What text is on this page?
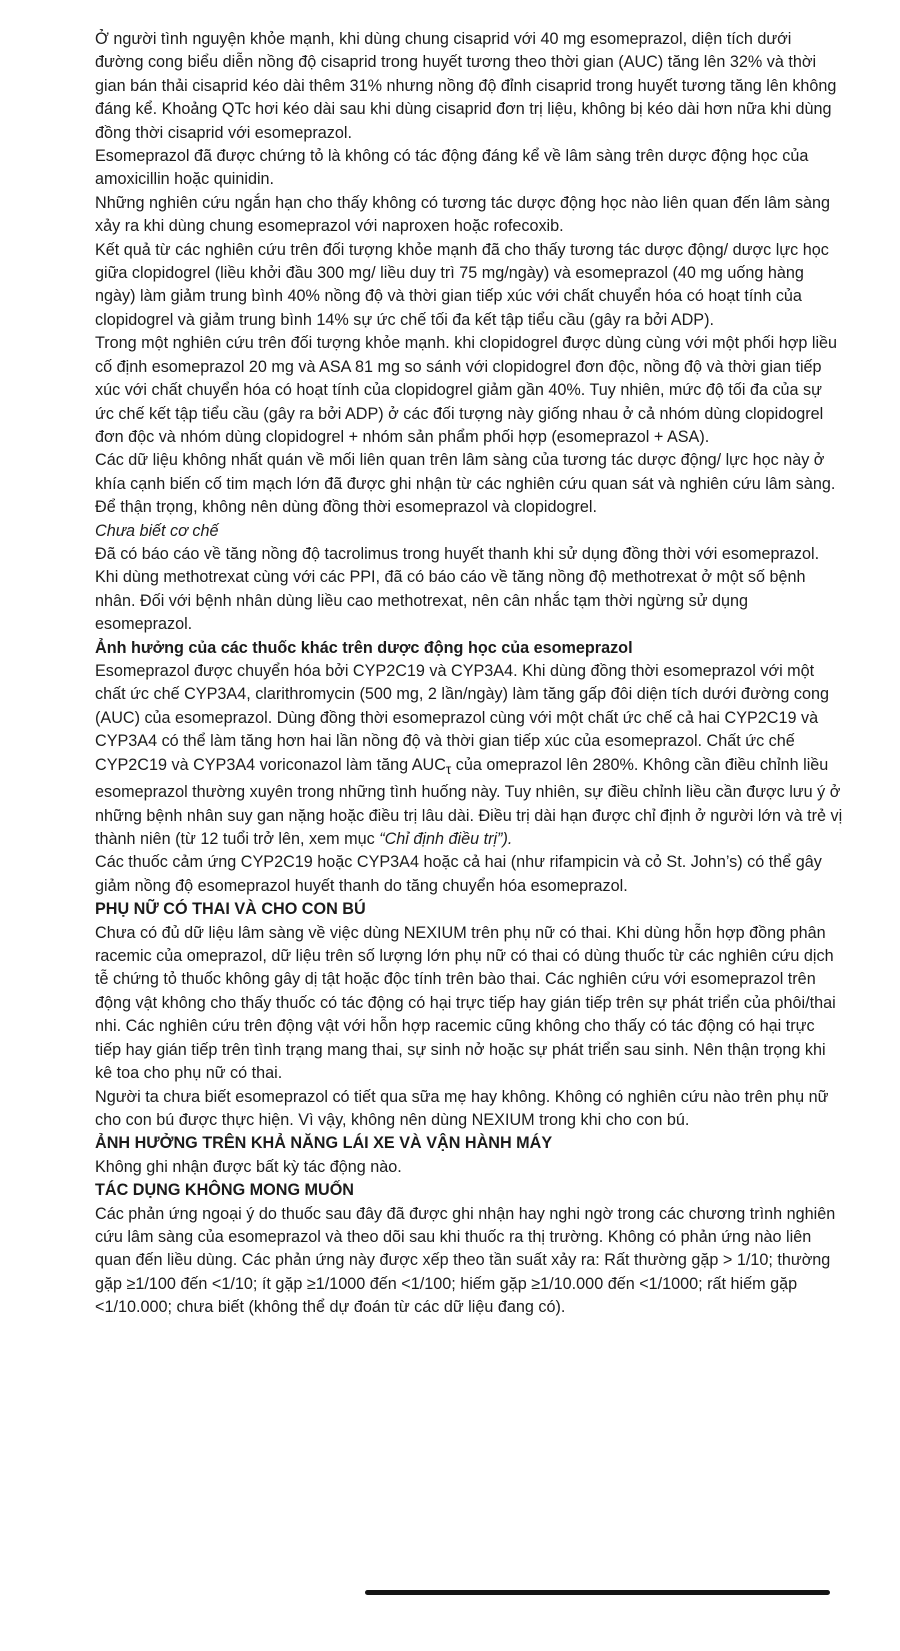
Ở người tình nguyện khỏe mạnh, khi dùng chung cisaprid với 40 mg esomeprazol, diện tích dưới đường cong biểu diễn nồng độ cisaprid trong huyết tương theo thời gian (AUC) tăng lên 32% và thời gian bán thải cisaprid kéo dài thêm 31% nhưng nồng độ đỉnh cisaprid trong huyết tương tăng lên không đáng kể. Khoảng QTc hơi kéo dài sau khi dùng cisaprid đơn trị liệu, không bị kéo dài hơn nữa khi dùng đồng thời cisaprid với esomeprazol.

Esomeprazol đã được chứng tỏ là không có tác động đáng kể về lâm sàng trên dược động học của amoxicillin hoặc quinidin.

Những nghiên cứu ngắn hạn cho thấy không có tương tác dược động học nào liên quan đến lâm sàng xảy ra khi dùng chung esomeprazol với naproxen hoặc rofecoxib.

Kết quả từ các nghiên cứu trên đối tượng khỏe mạnh đã cho thấy tương tác dược động/ dược lực học giữa clopidogrel (liều khởi đầu 300 mg/ liều duy trì 75 mg/ngày) và esomeprazol (40 mg uống hàng ngày) làm giảm trung bình 40% nồng độ và thời gian tiếp xúc với chất chuyển hóa có hoạt tính của clopidogrel và giảm trung bình 14% sự ức chế tối đa kết tập tiểu cầu (gây ra bởi ADP).

Trong một nghiên cứu trên đối tượng khỏe mạnh. khi clopidogrel được dùng cùng với một phối hợp liều cố định esomeprazol 20 mg và ASA 81 mg so sánh với clopidogrel đơn độc, nồng độ và thời gian tiếp xúc với chất chuyển hóa có hoạt tính của clopidogrel giảm gần 40%. Tuy nhiên, mức độ tối đa của sự ức chế kết tập tiểu cầu (gây ra bởi ADP) ở các đối tượng này giống nhau ở cả nhóm dùng clopidogrel đơn độc và nhóm dùng clopidogrel + nhóm sản phẩm phối hợp (esomeprazol + ASA).

Các dữ liệu không nhất quán về mối liên quan trên lâm sàng của tương tác dược động/ lực học này ở khía cạnh biến cố tim mạch lớn đã được ghi nhận từ các nghiên cứu quan sát và nghiên cứu lâm sàng. Để thận trọng, không nên dùng đồng thời esomeprazol và clopidogrel.

Chưa biết cơ chế

Đã có báo cáo về tăng nồng độ tacrolimus trong huyết thanh khi sử dụng đồng thời với esomeprazol.

Khi dùng methotrexat cùng với các PPI, đã có báo cáo về tăng nồng độ methotrexat ở một số bệnh nhân. Đối với bệnh nhân dùng liều cao methotrexat, nên cân nhắc tạm thời ngừng sử dụng esomeprazol.

Ảnh hưởng của các thuốc khác trên dược động học của esomeprazol

Esomeprazol được chuyển hóa bởi CYP2C19 và CYP3A4. Khi dùng đồng thời esomeprazol với một chất ức chế CYP3A4, clarithromycin (500 mg, 2 lần/ngày) làm tăng gấp đôi diện tích dưới đường cong (AUC) của esomeprazol. Dùng đồng thời esomeprazol cùng với một chất ức chế cả hai CYP2C19 và CYP3A4 có thể làm tăng hơn hai lần nồng độ và thời gian tiếp xúc của esomeprazol. Chất ức chế CYP2C19 và CYP3A4 voriconazol làm tăng $AUC_\tau$ của omeprazol lên 280%. Không cần điều chỉnh liều esomeprazol thường xuyên trong những tình huống này. Tuy nhiên, sự điều chỉnh liều cần được lưu ý ở những bệnh nhân suy gan nặng hoặc điều trị lâu dài. Điều trị dài hạn được chỉ định ở người lớn và trẻ vị thành niên (từ 12 tuổi trở lên, xem mục “Chỉ định điều trị”).

Các thuốc cảm ứng CYP2C19 hoặc CYP3A4 hoặc cả hai (như rifampicin và cỏ St. John’s) có thể gây giảm nồng độ esomeprazol huyết thanh do tăng chuyển hóa esomeprazol.

PHỤ NỮ CÓ THAI VÀ CHO CON BÚ

Chưa có đủ dữ liệu lâm sàng về việc dùng NEXIUM trên phụ nữ có thai. Khi dùng hỗn hợp đồng phân racemic của omeprazol, dữ liệu trên số lượng lớn phụ nữ có thai có dùng thuốc từ các nghiên cứu dịch tễ chứng tỏ thuốc không gây dị tật hoặc độc tính trên bào thai. Các nghiên cứu với esomeprazol trên động vật không cho thấy thuốc có tác động có hại trực tiếp hay gián tiếp trên sự phát triển của phôi/thai nhi. Các nghiên cứu trên động vật với hỗn hợp racemic cũng không cho thấy có tác động có hại trực tiếp hay gián tiếp trên tình trạng mang thai, sự sinh nở hoặc sự phát triển sau sinh. Nên thận trọng khi kê toa cho phụ nữ có thai.

Người ta chưa biết esomeprazol có tiết qua sữa mẹ hay không. Không có nghiên cứu nào trên phụ nữ cho con bú được thực hiện. Vì vậy, không nên dùng NEXIUM trong khi cho con bú.

ẢNH HƯỞNG TRÊN KHẢ NĂNG LÁI XE VÀ VẬN HÀNH MÁY

Không ghi nhận được bất kỳ tác động nào.

TÁC DỤNG KHÔNG MONG MUỐN

Các phản ứng ngoại ý do thuốc sau đây đã được ghi nhận hay nghi ngờ trong các chương trình nghiên cứu lâm sàng của esomeprazol và theo dõi sau khi thuốc ra thị trường. Không có phản ứng nào liên quan đến liều dùng. Các phản ứng này được xếp theo tần suất xảy ra: Rất thường gặp > 1/10; thường gặp ≥1/100 đến <1/10; ít gặp ≥1/1000 đến <1/100; hiếm gặp ≥1/10.000 đến <1/1000; rất hiếm gặp <1/10.000; chưa biết (không thể dự đoán từ các dữ liệu đang có).
